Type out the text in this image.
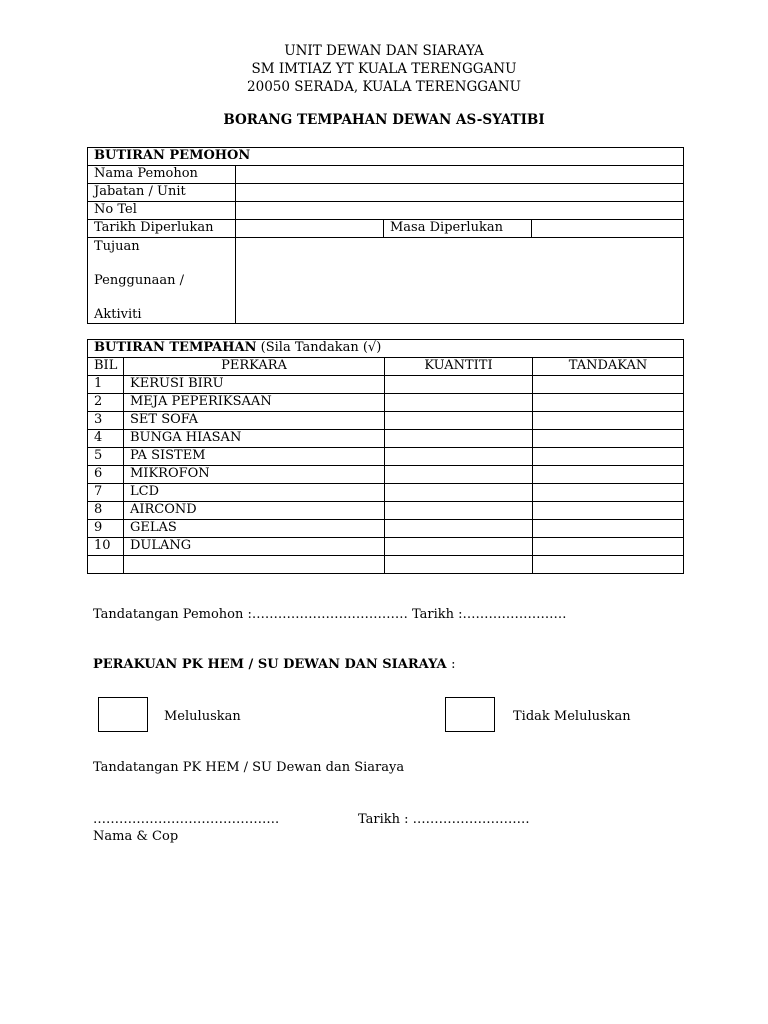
UNIT DEWAN DAN SIARAYA
SM IMTIAZ YT KUALA TERENGGANU
20050 SERADA, KUALA TERENGGANU
BORANG TEMPAHAN DEWAN AS-SYATIBI
BUTIRAN PEMOHON			
Nama Pemohon			
Jabatan / Unit			
No Tel			
Tarikh Diperlukan		Masa Diperlukan	

Tujuan

Penggunaan /

Aktiviti			

BUTIRAN TEMPAHAN (Sila Tandakan (√)			
BIL	PERKARA	KUANTITI	TANDAKAN
1	KERUSI BIRU		
2	MEJA PEPERIKSAAN		
3	SET SOFA		
4	BUNGA HIASAN		
5	PA SISTEM		
6	MIKROFON		
7	LCD		
8	AIRCOND		
9	GELAS		
10	DULANG		

Tandatangan Pemohon :……………………………… Tarikh :……………………
PERAKUAN PK HEM / SU DEWAN DAN SIARAYA :
Meluluskan	Tidak Meluluskan
Tandatangan PK HEM / SU Dewan dan Siaraya
…………………………………….	Tarikh : ………………………
Nama & Cop
